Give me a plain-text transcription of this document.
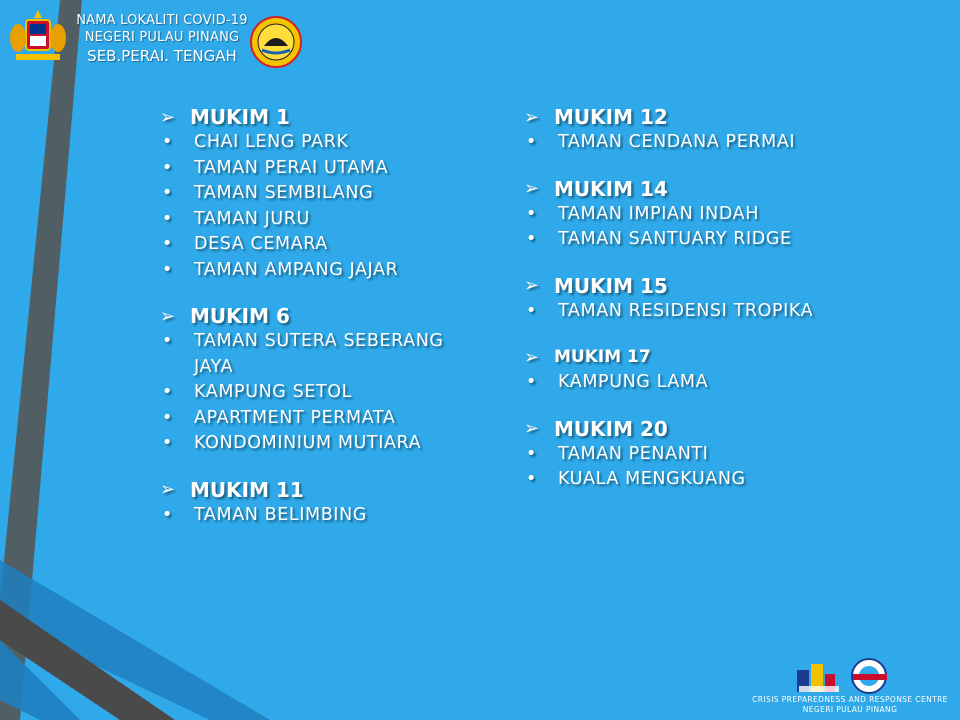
NAMA LOKALITI COVID-19
NEGERI PULAU PINANG
SEB.PERAI. TENGAH
➢ MUKIM 1
•	CHAI LENG PARK
•	TAMAN PERAI UTAMA
•	TAMAN SEMBILANG
•	TAMAN JURU
•	DESA CEMARA
•	TAMAN AMPANG JAJAR
➢ MUKIM 6
•	TAMAN SUTERA SEBERANG JAYA
•	KAMPUNG SETOL
•	APARTMENT PERMATA
•	KONDOMINIUM MUTIARA
➢ MUKIM 11
•	TAMAN BELIMBING
➢ MUKIM 12
•	TAMAN CENDANA PERMAI
➢ MUKIM 14
•	TAMAN IMPIAN INDAH
•	TAMAN SANTUARY RIDGE
➢ MUKIM 15
•	TAMAN RESIDENSI TROPIKA
➢ MUKIM 17
•	KAMPUNG LAMA
➢ MUKIM 20
•	TAMAN PENANTI
•	KUALA MENGKUANG
CRISIS PREPAREDNESS AND RESPONSE CENTRE
NEGERI PULAU PINANG
